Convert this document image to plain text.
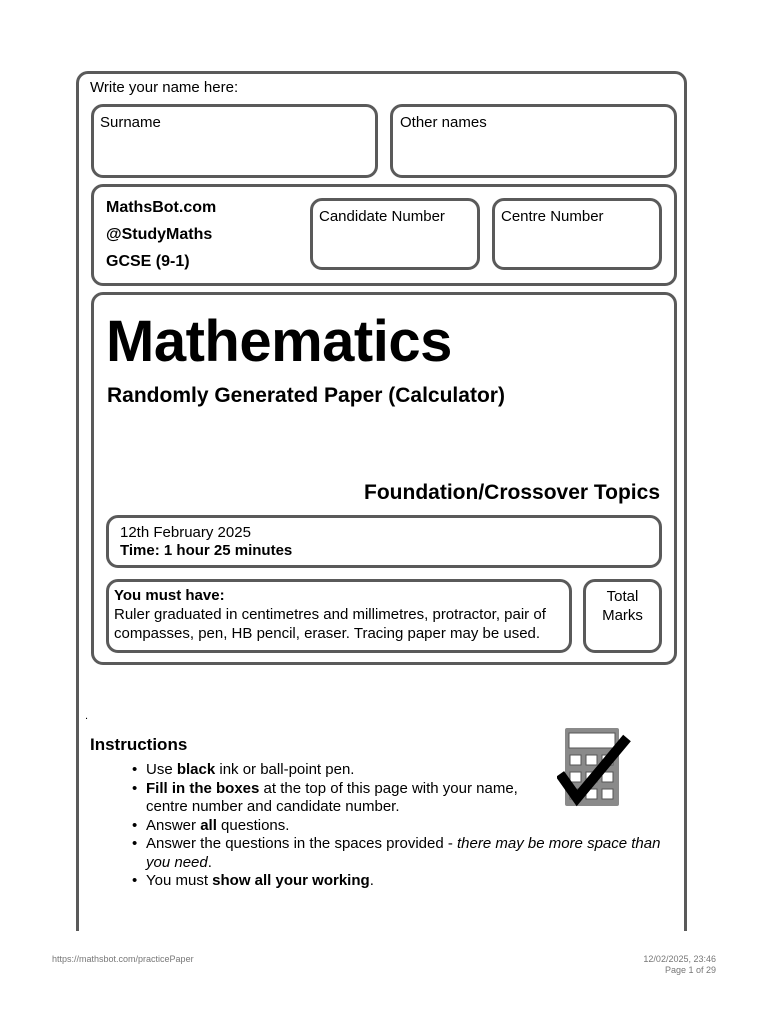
Write your name here:
Surname	Other names
MathsBot.com
@StudyMaths
GCSE (9-1)
Candidate Number	Centre Number
Mathematics
Randomly Generated Paper (Calculator)
Foundation/Crossover Topics
12th February 2025
Time: 1 hour 25 minutes
You must have:
Ruler graduated in centimetres and millimetres, protractor, pair of compasses, pen, HB pencil, eraser. Tracing paper may be used.
Total
Marks
.
Instructions
• Use black ink or ball-point pen.
• Fill in the boxes at the top of this page with your name, centre number and candidate number.
• Answer all questions.
• Answer the questions in the spaces provided - there may be more space than you need.
• You must show all your working.
https://mathsbot.com/practicePaper	12/02/2025, 23:46
Page 1 of 29
